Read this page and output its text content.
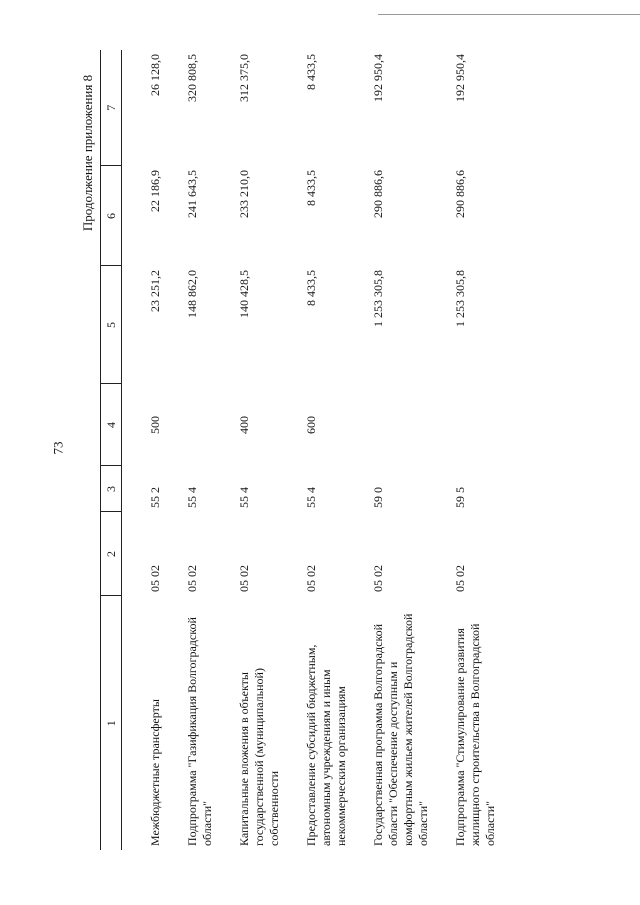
73
Продолжение приложения 8
1	2	3	4	5	6	7
Межбюджетные трансферты	05 02	55 2	500	23 251,2	22 186,9	26 128,0
Подпрограмма "Газификация Волгоградской области"	05 02	55 4		148 862,0	241 643,5	320 808,5
Капитальные вложения в объекты государственной (муниципальной) собственности	05 02	55 4	400	140 428,5	233 210,0	312 375,0
Предоставление субсидий бюджетным, автономным учреждениям и иным некоммерческим организациям	05 02	55 4	600	8 433,5	8 433,5	8 433,5
Государственная программа Волгоградской области "Обеспечение доступным и комфортным жильем жителей Волгоградской области"	05 02	59 0		1 253 305,8	290 886,6	192 950,4
Подпрограмма "Стимулирование развития жилищного строительства в Волгоградской области"	05 02	59 5		1 253 305,8	290 886,6	192 950,4
